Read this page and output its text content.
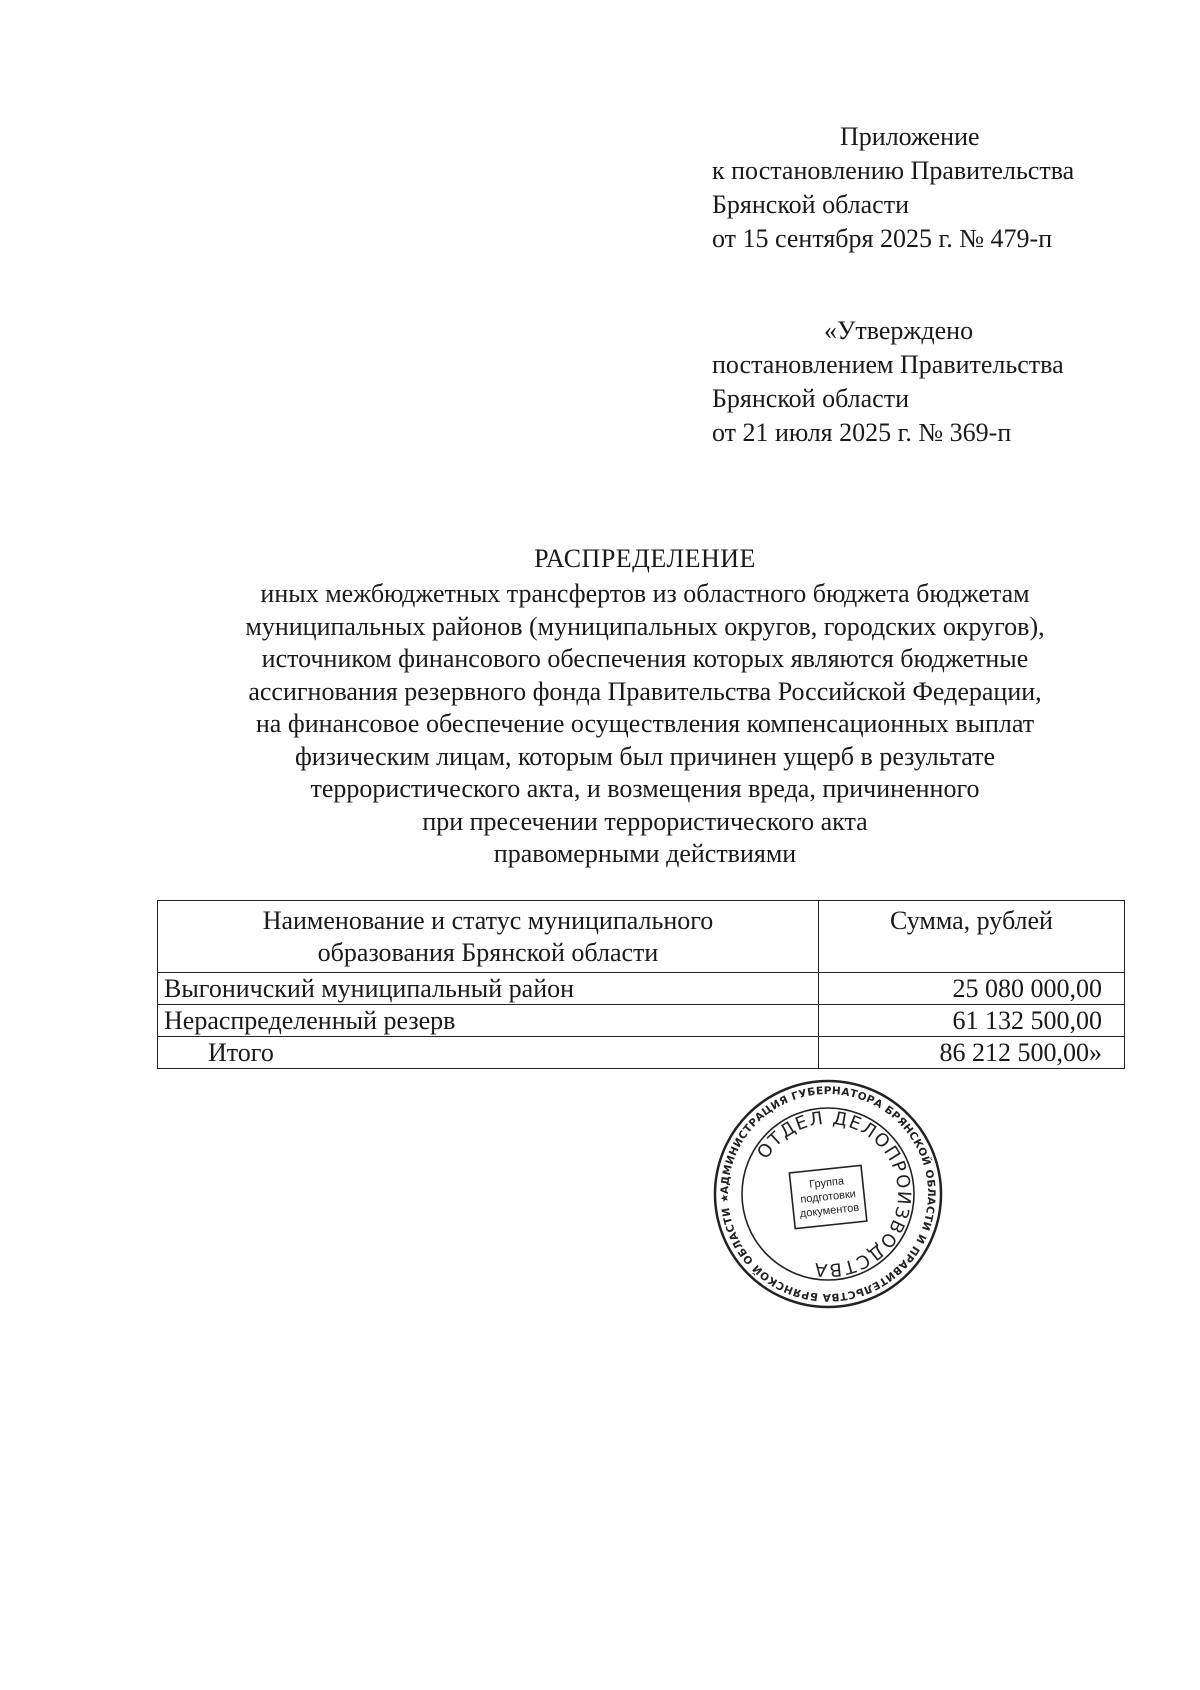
Приложение
к постановлению Правительства
Брянской области
от 15 сентября 2025 г. № 479-п
«Утверждено
постановлением Правительства
Брянской области
от 21 июля 2025 г. № 369-п
РАСПРЕДЕЛЕНИЕ
иных межбюджетных трансфертов из областного бюджета бюджетам
муниципальных районов (муниципальных округов, городских округов),
источником финансового обеспечения которых являются бюджетные
ассигнования резервного фонда Правительства Российской Федерации,
на финансовое обеспечение осуществления компенсационных выплат
физическим лицам, которым был причинен ущерб в результате
террористического акта, и возмещения вреда, причиненного
при пресечении террористического акта
правомерными действиями
Наименование и статус муниципального
образования Брянской области	Сумма, рублей
Выгоничский муниципальный район	25 080 000,00
Нераспределенный резерв	61 132 500,00
Итого	86 212 500,00»
АДМИНИСТРАЦИЯ ГУБЕРНАТОРА БРЯНСКОЙ ОБЛАСТИ И ПРАВИТЕЛЬСТВА БРЯНСКОЙ ОБЛАСТИ ★
ОТДЕЛ ДЕЛОПРОИЗВОДСТВА
Группа
подготовки
документов
